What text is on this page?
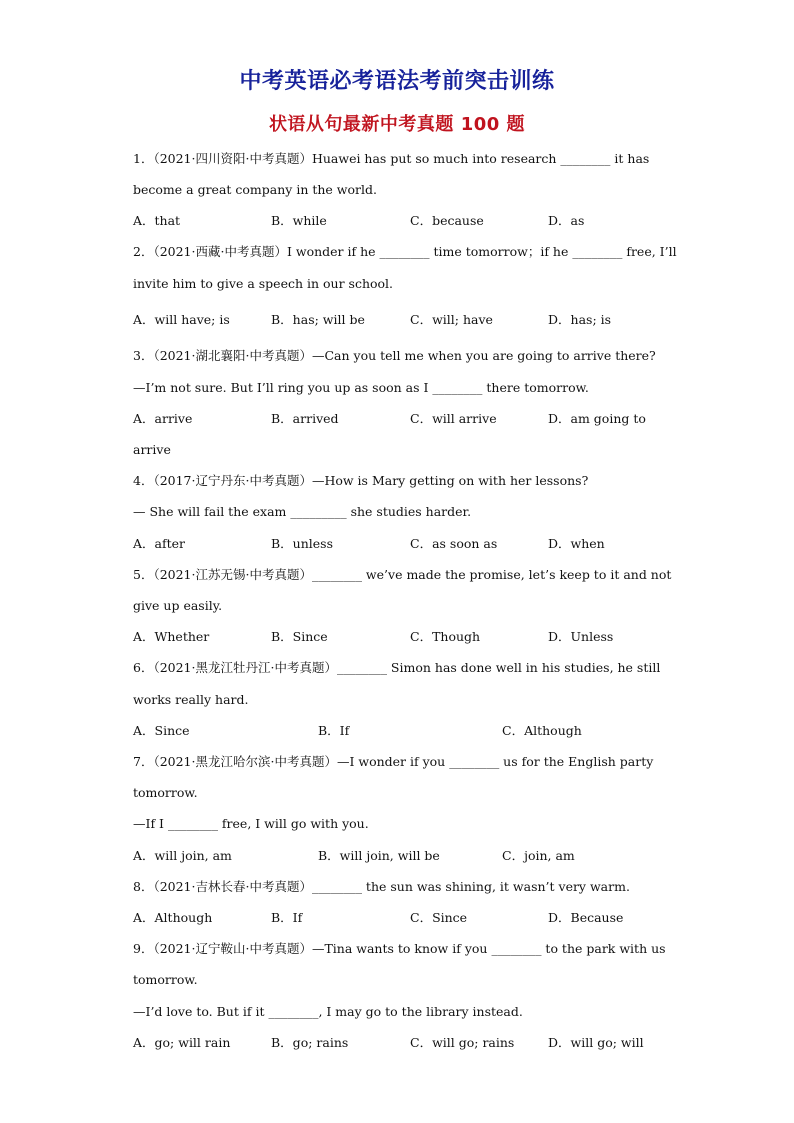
中考英语必考语法考前突击训练
状语从句最新中考真题 100 题
1．（2021·四川资阳·中考真题）Huawei has put so much into research ________ it has
become a great company in the world.
A．that	B．while	C．because	D．as
2．（2021·西藏·中考真题）I wonder if he ________ time tomorrow；if he ________ free, I’ll
invite him to give a speech in our school.
A．will have; is	B．has; will be	C．will; have	D．has; is
3．（2021·湖北襄阳·中考真题）—Can you tell me when you are going to arrive there?
—I’m not sure. But I’ll ring you up as soon as I ________ there tomorrow.
A．arrive	B．arrived	C．will arrive	D．am going to
arrive
4．（2017·辽宁丹东·中考真题）—How is Mary getting on with her lessons?
— She will fail the exam _________ she studies harder.
A．after	B．unless	C．as soon as	D．when
5．（2021·江苏无锡·中考真题）________ we’ve made the promise, let’s keep to it and not
give up easily.
A．Whether	B．Since	C．Though	D．Unless
6．（2021·黑龙江牡丹江·中考真题）________ Simon has done well in his studies, he still
works really hard.
A．Since	B．If	C．Although
7．（2021·黑龙江哈尔滨·中考真题）—I wonder if you ________ us for the English party
tomorrow.
—If I ________ free, I will go with you.
A．will join, am	B．will join, will be	C．join, am
8．（2021·吉林长春·中考真题）________ the sun was shining, it wasn’t very warm.
A．Although	B．If	C．Since	D．Because
9．（2021·辽宁鞍山·中考真题）—Tina wants to know if you ________ to the park with us
tomorrow.
—I’d love to. But if it ________, I may go to the library instead.
A．go; will rain	B．go; rains	C．will go; rains	D．will go; will
